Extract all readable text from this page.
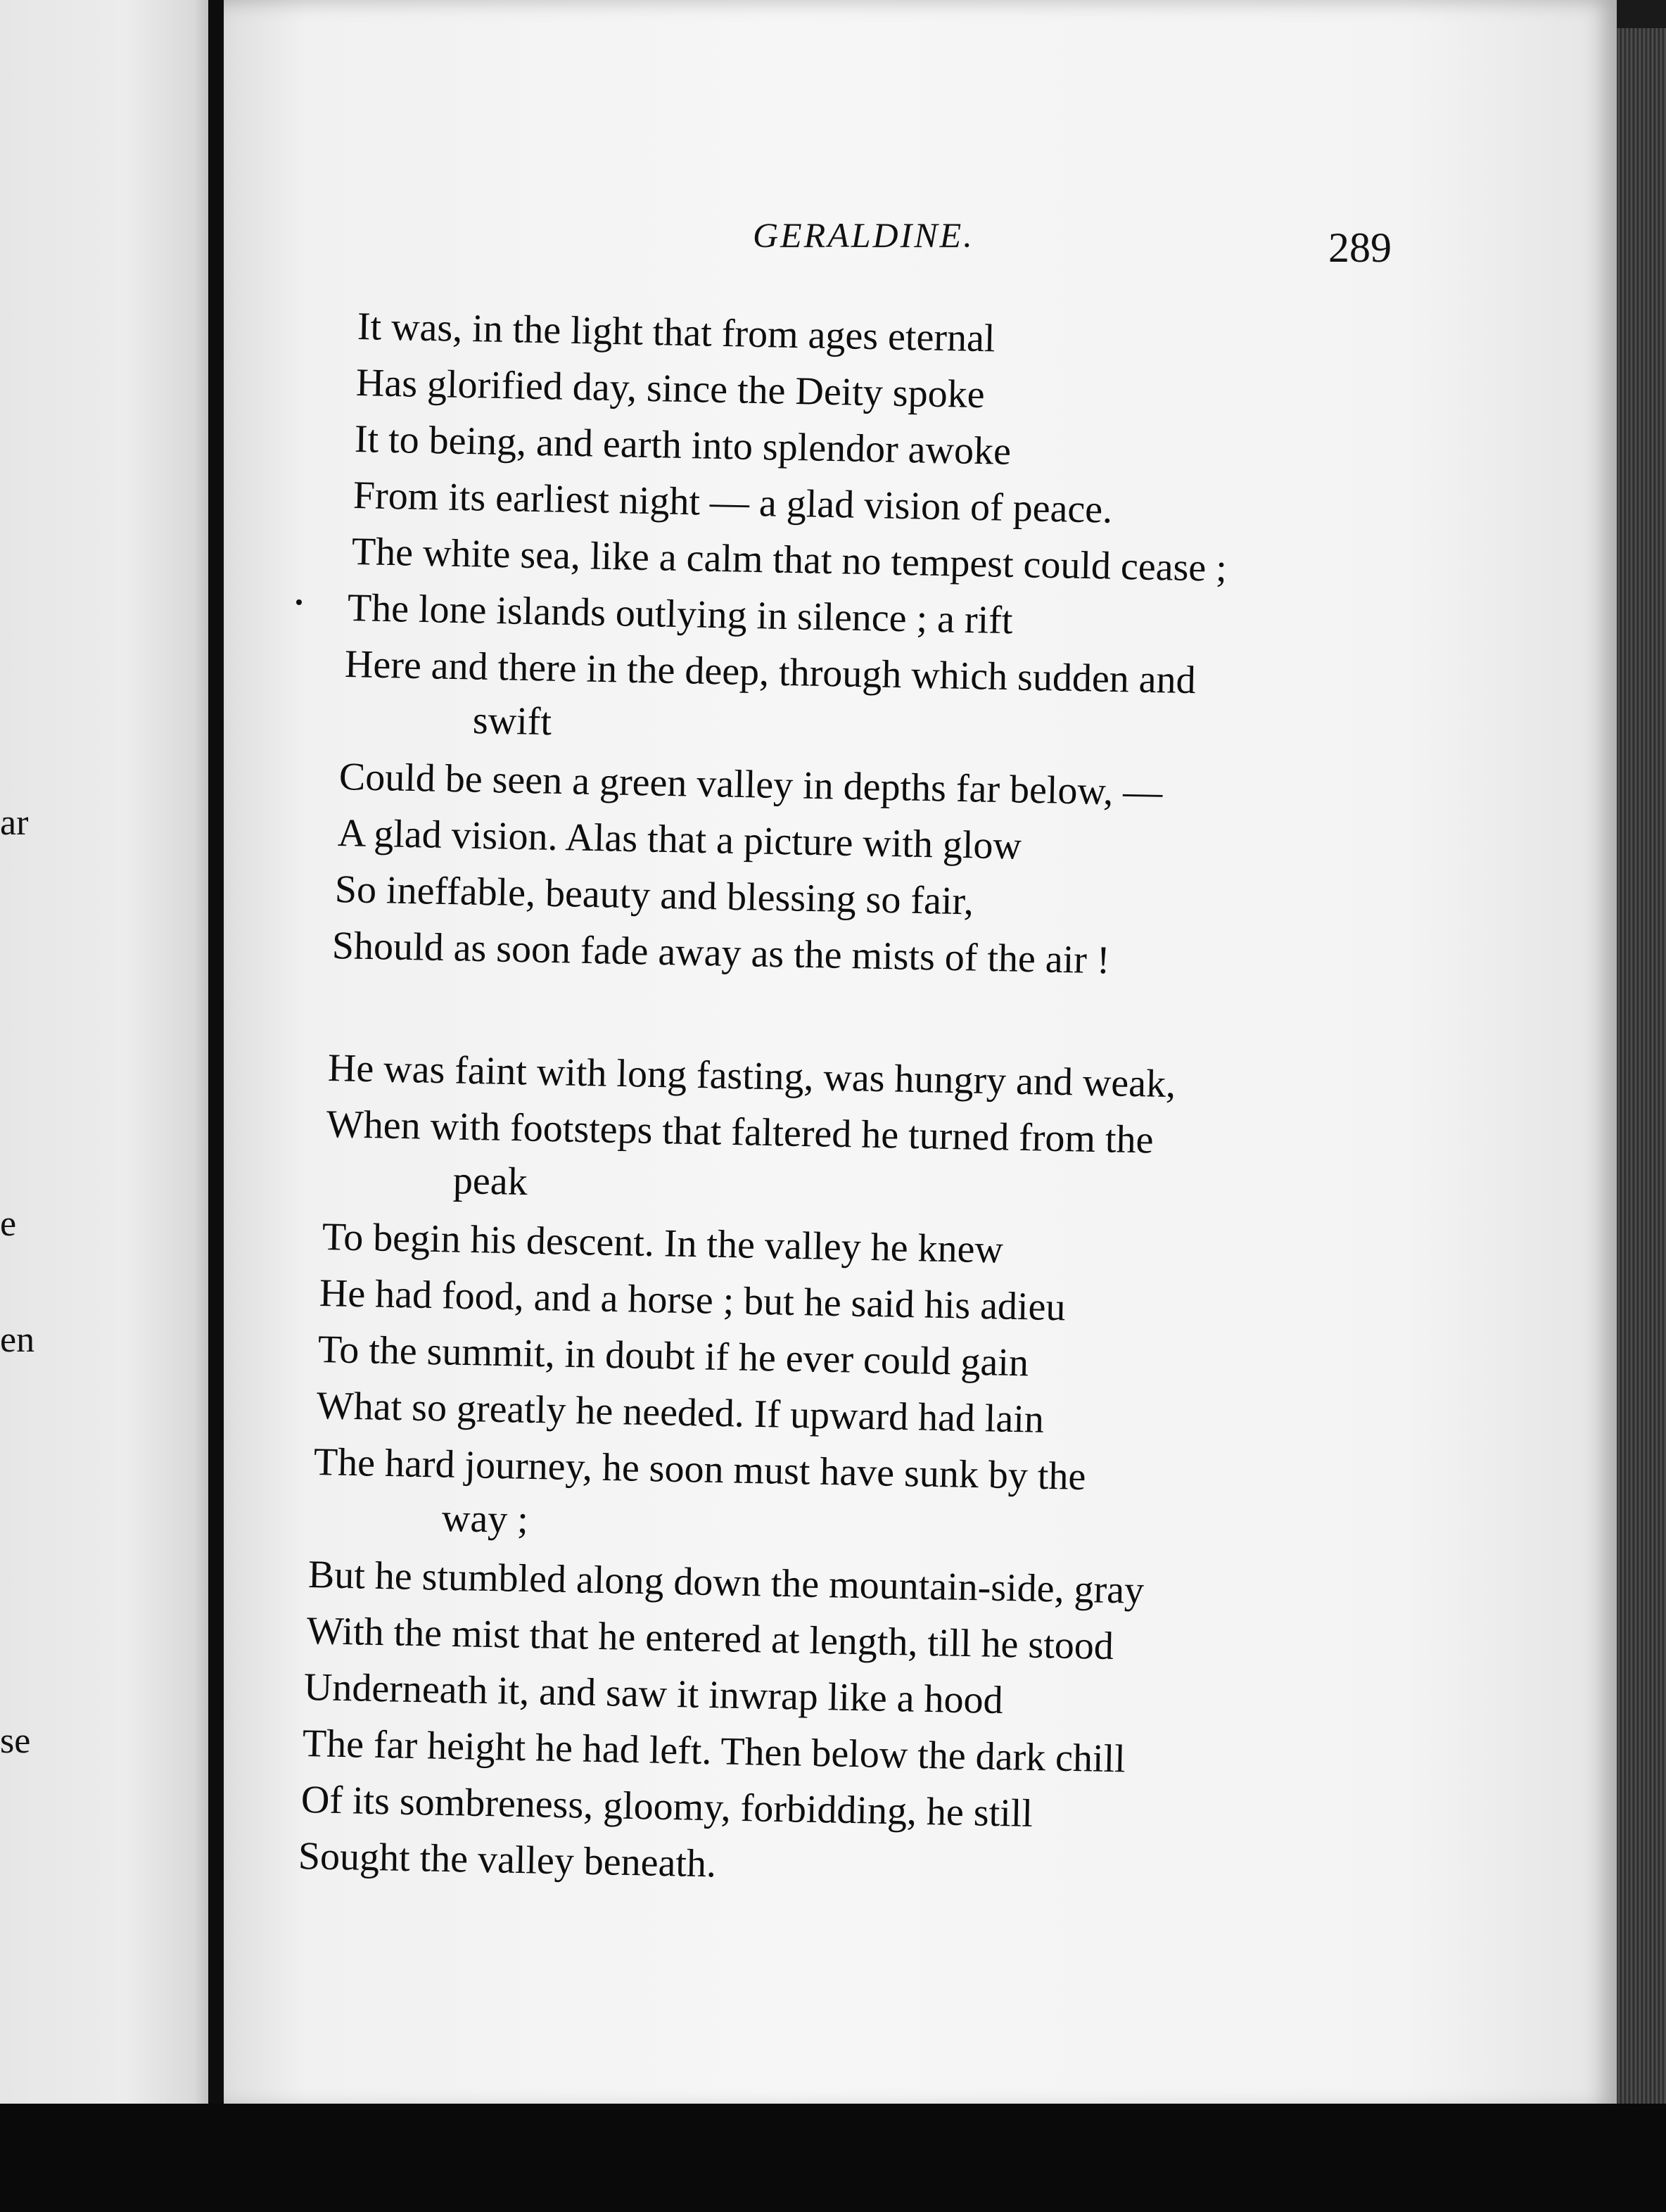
ar
e
en
se
GERALDINE.	289
It was, in the light that from ages eternal
Has glorified day, since the Deity spoke
It to being, and earth into splendor awoke
From its earliest night — a glad vision of peace.
The white sea, like a calm that no tempest could cease ;
The lone islands outlying in silence ; a rift
Here and there in the deep, through which sudden and
swift
Could be seen a green valley in depths far below, —
A glad vision. Alas that a picture with glow
So ineffable, beauty and blessing so fair,
Should as soon fade away as the mists of the air !
He was faint with long fasting, was hungry and weak,
When with footsteps that faltered he turned from the
peak
To begin his descent. In the valley he knew
He had food, and a horse ; but he said his adieu
To the summit, in doubt if he ever could gain
What so greatly he needed. If upward had lain
The hard journey, he soon must have sunk by the
way ;
But he stumbled along down the mountain-side, gray
With the mist that he entered at length, till he stood
Underneath it, and saw it inwrap like a hood
The far height he had left. Then below the dark chill
Of its sombreness, gloomy, forbidding, he still
Sought the valley beneath.
